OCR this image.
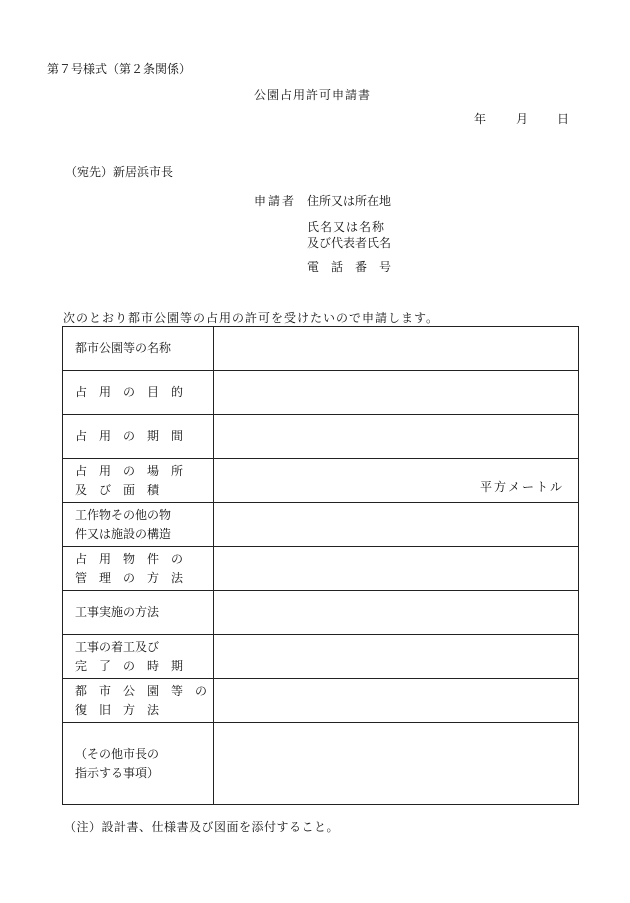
第７号様式（第２条関係）
公園占用許可申請書
年 月 日
（宛先）新居浜市長
申請者 住所又は所在地
氏名又は名称
及び代表者氏名
電　話　番　号
次のとおり都市公園等の占用の許可を受けたいので申請します。
都市公園等の名称	

占　用　の　目　的	

占　用　の　期　間	

占　用　の　場　所
及　び　面　積	平方メートル

工作物その他の物
件又は施設の構造	

占　用　物　件　の
管　理　の　方　法	

工事実施の方法	

工事の着工及び
完　了　の　時　期	

都　市　公　園　等　の
復　旧　方　法	

（その他市長の
指示する事項）	

（注）設計書、仕様書及び図面を添付すること。
